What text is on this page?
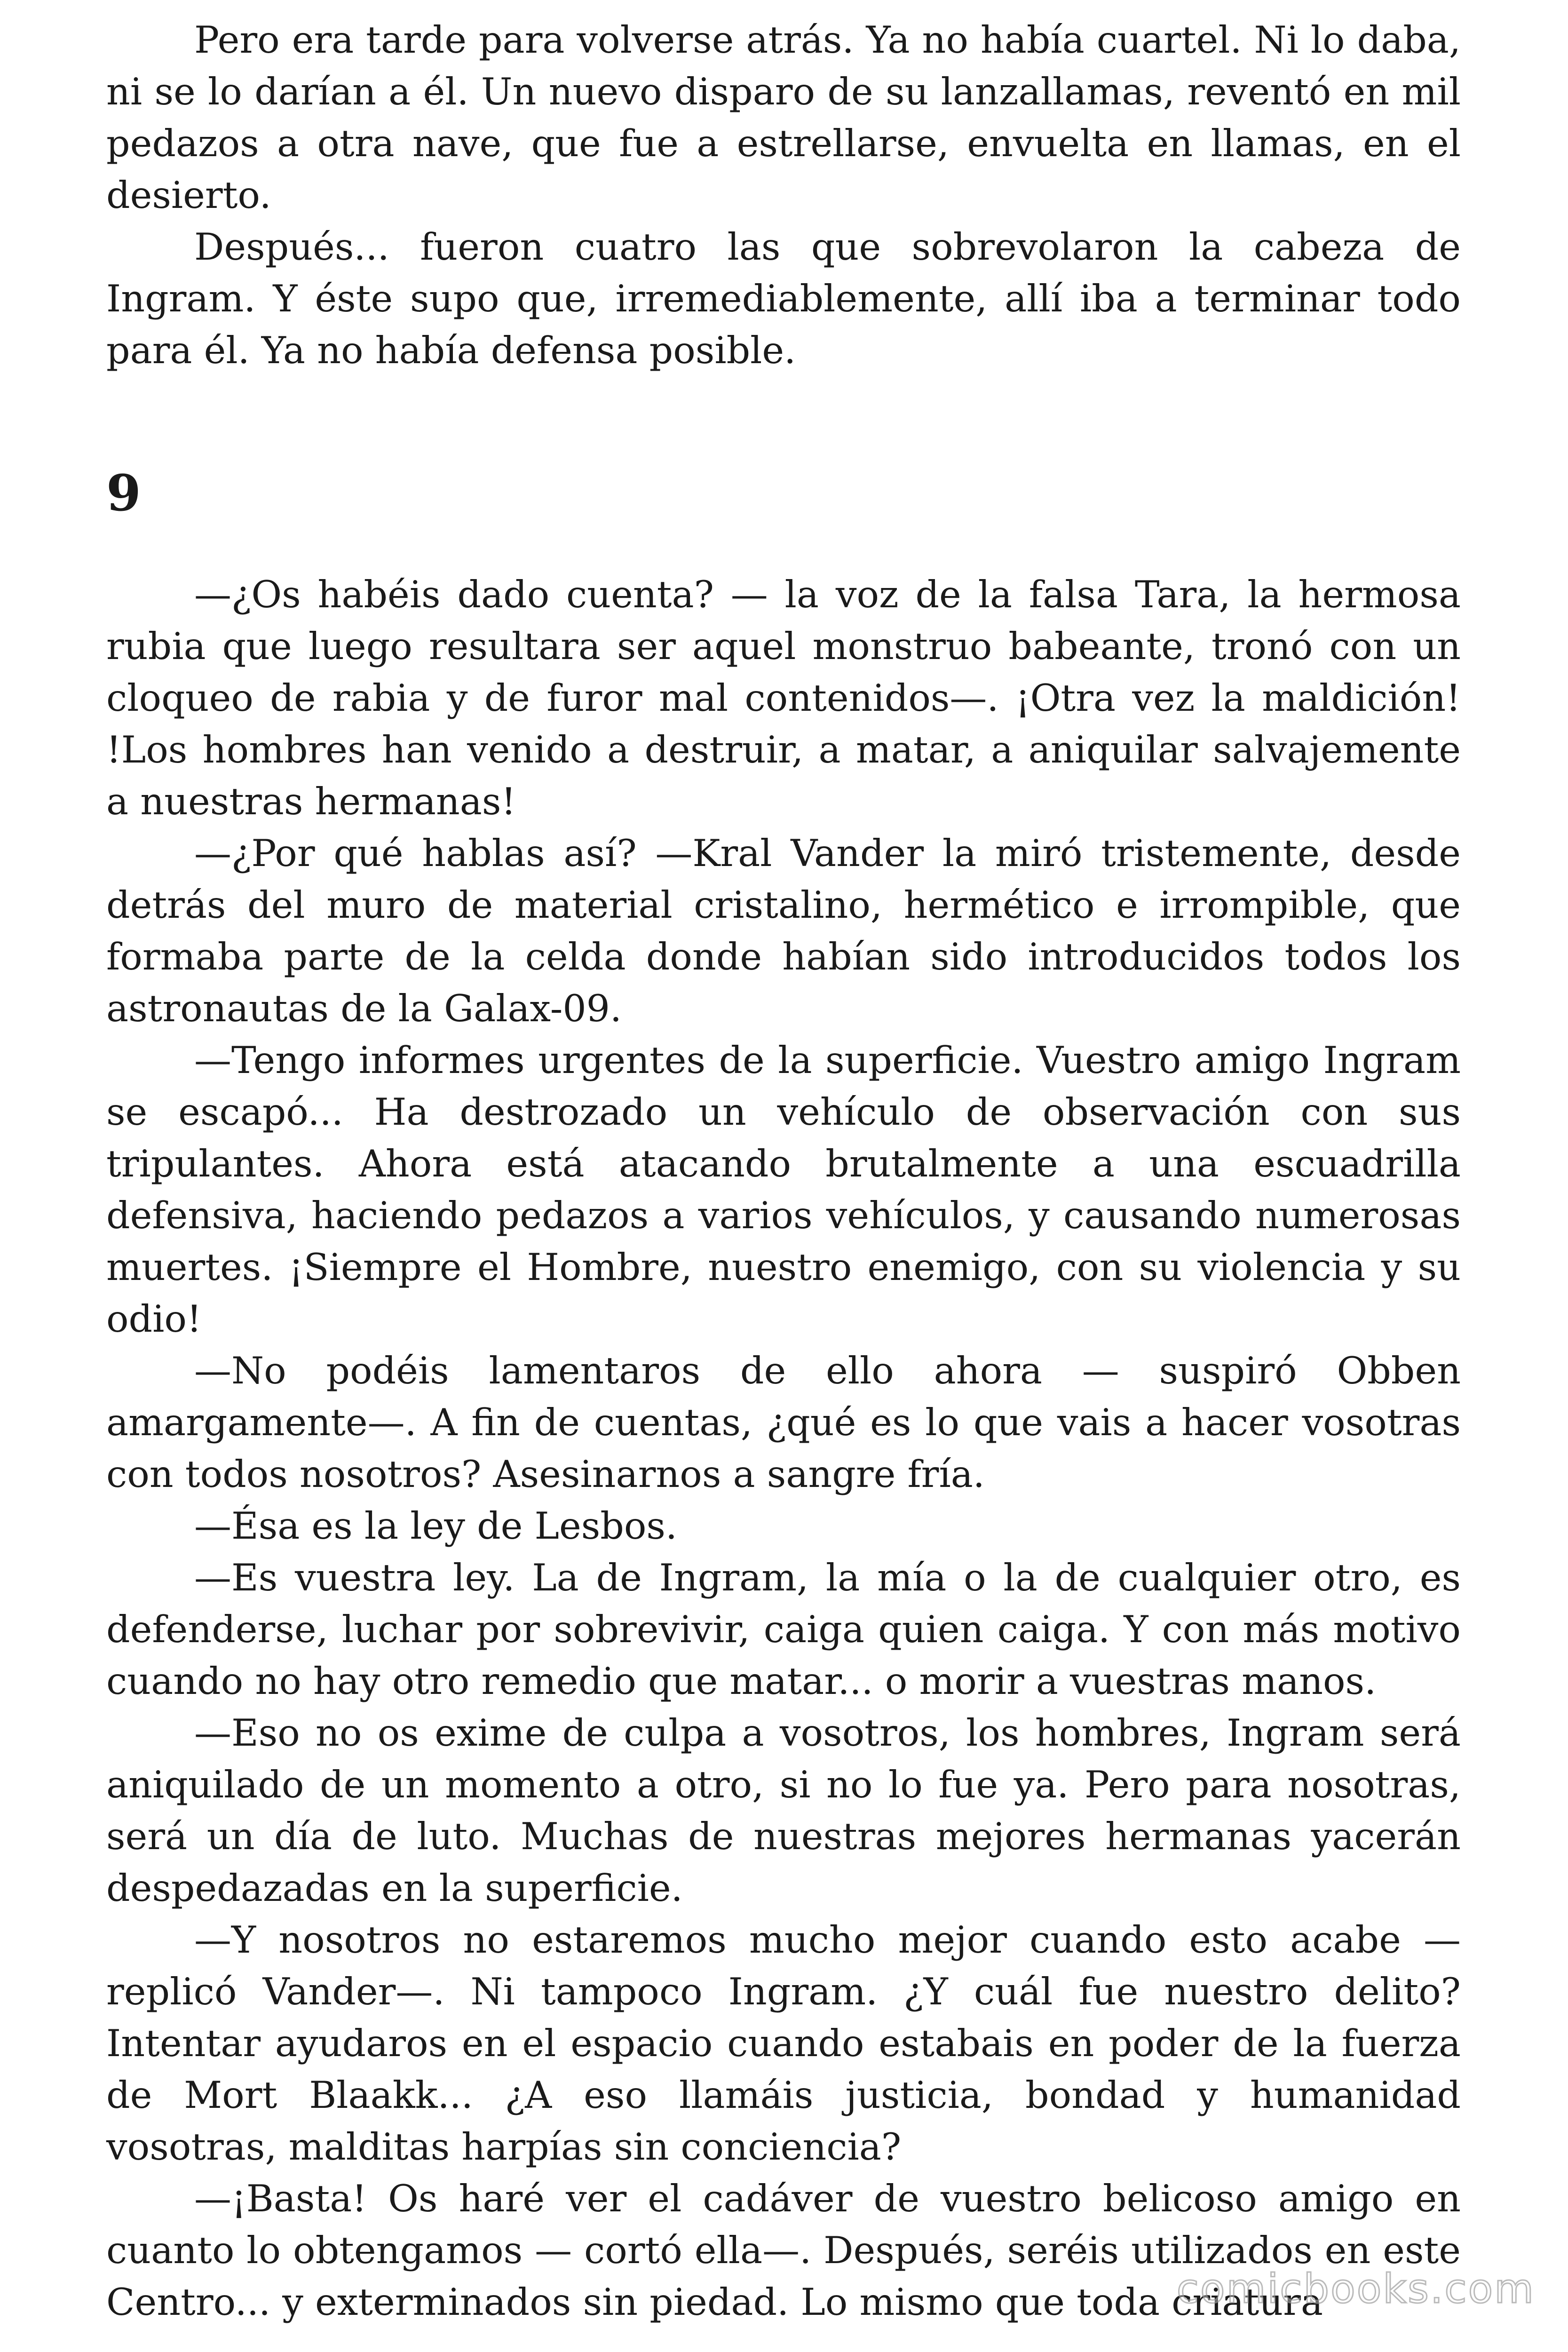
Pero era tarde para volverse atrás. Ya no había cuartel. Ni lo daba, ni se lo darían a él. Un nuevo disparo de su lanzallamas, reventó en mil pedazos a otra nave, que fue a estrellarse, envuelta en llamas, en el desierto.

Después... fueron cuatro las que sobrevolaron la cabeza de Ingram. Y éste supo que, irremediablemente, allí iba a terminar todo para él. Ya no había defensa posible.

9

—¿Os habéis dado cuenta? — la voz de la falsa Tara, la hermosa rubia que luego resultara ser aquel monstruo babeante, tronó con un cloqueo de rabia y de furor mal contenidos—. ¡Otra vez la maldición! !Los hombres han venido a destruir, a matar, a aniquilar salvajemente a nuestras hermanas!

—¿Por qué hablas así? —Kral Vander la miró tristemente, desde detrás del muro de material cristalino, hermético e irrompible, que formaba parte de la celda donde habían sido introducidos todos los astronautas de la Galax-09.

—Tengo informes urgentes de la superficie. Vuestro amigo Ingram se escapó... Ha destrozado un vehículo de observación con sus tripulantes. Ahora está atacando brutalmente a una escuadrilla defensiva, haciendo pedazos a varios vehículos, y causando numerosas muertes. ¡Siempre el Hombre, nuestro enemigo, con su violencia y su odio!

—No podéis lamentaros de ello ahora — suspiró Obben amargamente—. A fin de cuentas, ¿qué es lo que vais a hacer vosotras con todos nosotros? Asesinarnos a sangre fría.

—Ésa es la ley de Lesbos.

—Es vuestra ley. La de Ingram, la mía o la de cualquier otro, es defenderse, luchar por sobrevivir, caiga quien caiga. Y con más motivo cuando no hay otro remedio que matar... o morir a vuestras manos.

—Eso no os exime de culpa a vosotros, los hombres, Ingram será aniquilado de un momento a otro, si no lo fue ya. Pero para nosotras, será un día de luto. Muchas de nuestras mejores hermanas yacerán despedazadas en la superficie.

—Y nosotros no estaremos mucho mejor cuando esto acabe — replicó Vander—. Ni tampoco Ingram. ¿Y cuál fue nuestro delito? Intentar ayudaros en el espacio cuando estabais en poder de la fuerza de Mort Blaakk... ¿A eso llamáis justicia, bondad y humanidad vosotras, malditas harpías sin conciencia?

—¡Basta! Os haré ver el cadáver de vuestro belicoso amigo en cuanto lo obtengamos — cortó ella—. Después, seréis utilizados en este Centro... y exterminados sin piedad. Lo mismo que toda criatura

comicbooks.com
